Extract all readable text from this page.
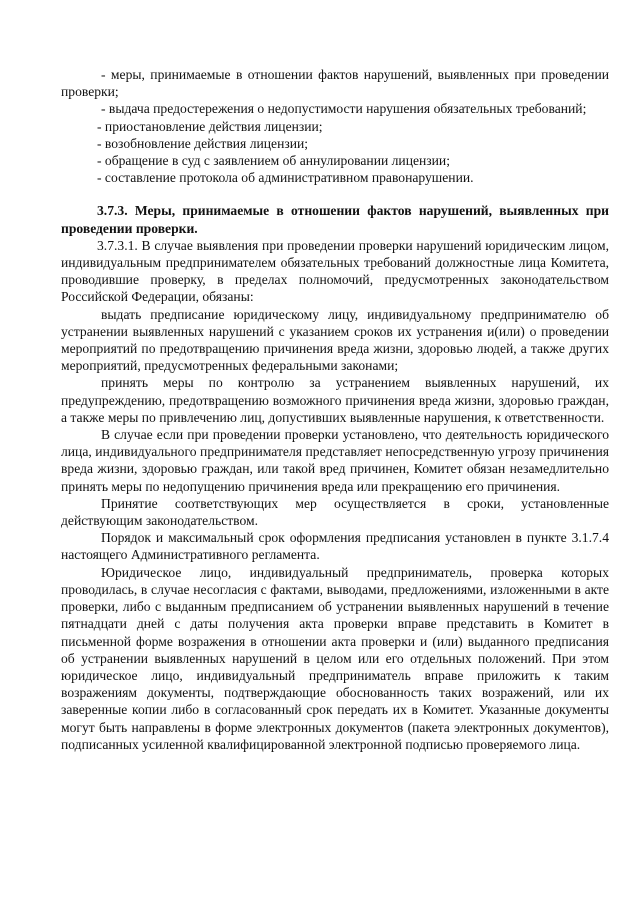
- меры, принимаемые в отношении фактов нарушений, выявленных при проведении проверки;

- выдача предостережения о недопустимости нарушения обязательных требований;

- приостановление действия лицензии;

- возобновление действия лицензии;

- обращение в суд с заявлением об аннулировании лицензии;

- составление протокола об административном правонарушении.

3.7.3. Меры, принимаемые в отношении фактов нарушений, выявленных при проведении проверки.

3.7.3.1. В случае выявления при проведении проверки нарушений юридическим лицом, индивидуальным предпринимателем обязательных требований должностные лица Комитета, проводившие проверку, в пределах полномочий, предусмотренных законодательством Российской Федерации, обязаны:

выдать предписание юридическому лицу, индивидуальному предпринимателю об устранении выявленных нарушений с указанием сроков их устранения и(или) о проведении мероприятий по предотвращению причинения вреда жизни, здоровью людей, а также других мероприятий, предусмотренных федеральными законами;

принять меры по контролю за устранением выявленных нарушений, их предупреждению, предотвращению возможного причинения вреда жизни, здоровью граждан, а также меры по привлечению лиц, допустивших выявленные нарушения, к ответственности.

В случае если при проведении проверки установлено, что деятельность юридического лица, индивидуального предпринимателя представляет непосредственную угрозу причинения вреда жизни, здоровью граждан, или такой вред причинен, Комитет обязан незамедлительно принять меры по недопущению причинения вреда или прекращению его причинения.

Принятие соответствующих мер осуществляется в сроки, установленные действующим законодательством.

Порядок и максимальный срок оформления предписания установлен в пункте 3.1.7.4 настоящего Административного регламента.

Юридическое лицо, индивидуальный предприниматель, проверка которых проводилась, в случае несогласия с фактами, выводами, предложениями, изложенными в акте проверки, либо с выданным предписанием об устранении выявленных нарушений в течение пятнадцати дней с даты получения акта проверки вправе представить в Комитет в письменной форме возражения в отношении акта проверки и (или) выданного предписания об устранении выявленных нарушений в целом или его отдельных положений. При этом юридическое лицо, индивидуальный предприниматель вправе приложить к таким возражениям документы, подтверждающие обоснованность таких возражений, или их заверенные копии либо в согласованный срок передать их в Комитет. Указанные документы могут быть направлены в форме электронных документов (пакета электронных документов), подписанных усиленной квалифицированной электронной подписью проверяемого лица.
